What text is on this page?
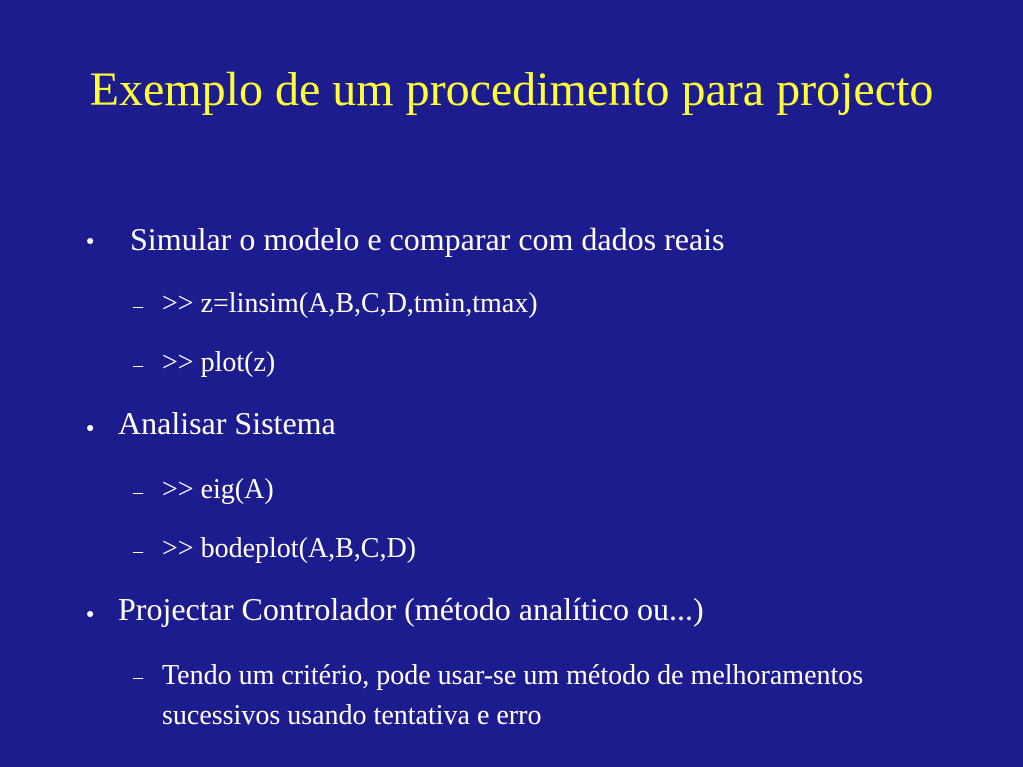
Exemplo de um procedimento para projecto
● Simular o modelo e comparar com dados reais
– >> z=linsim(A,B,C,D,tmin,tmax)
– >> plot(z)
● Analisar Sistema
– >> eig(A)
– >> bodeplot(A,B,C,D)
● Projectar Controlador (método analítico ou...)
– Tendo um critério, pode usar-se um método de melhoramentos sucessivos usando tentativa e erro
